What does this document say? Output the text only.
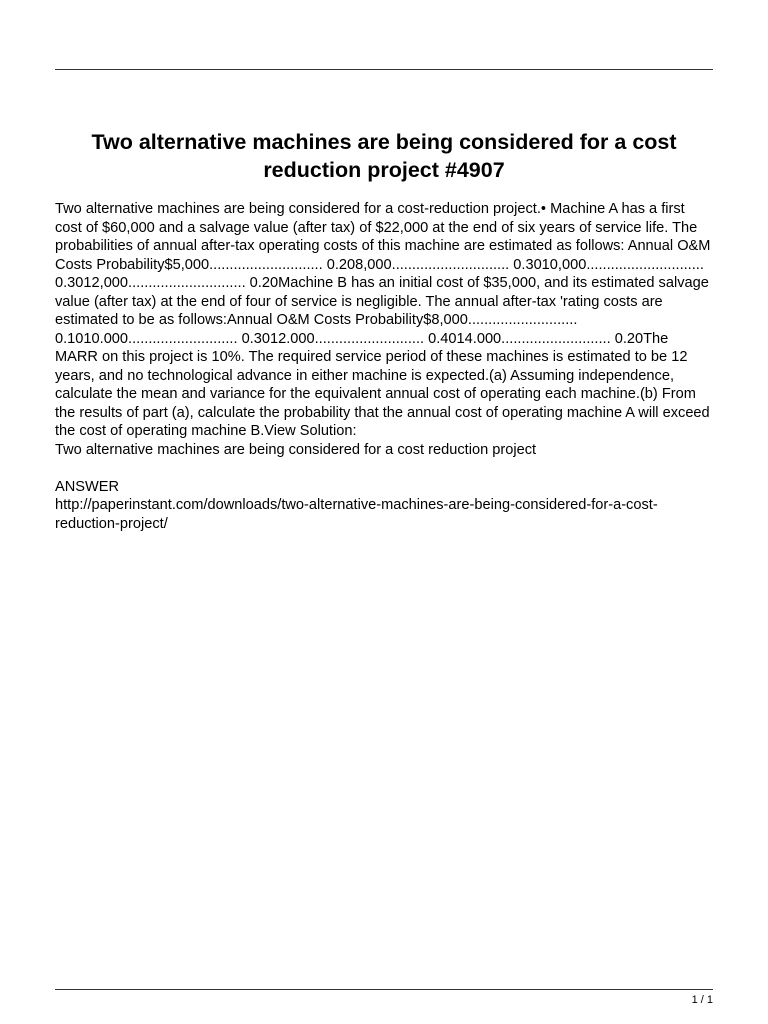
Two alternative machines are being considered for a cost reduction project #4907

Two alternative machines are being considered for a cost-reduction project.• Machine A has a first cost of $60,000 and a salvage value (after tax) of $22,000 at the end of six years of service life. The probabilities of annual after-tax operating costs of this machine are estimated as follows: Annual O&M Costs Probability$5,000............................ 0.208,000............................. 0.3010,000............................. 0.3012,000............................. 0.20Machine B has an initial cost of $35,000, and its estimated salvage value (after tax) at the end of four of service is negligible. The annual after-tax 'rating costs are estimated to be as follows:Annual O&M Costs Probability$8,000........................... 0.1010.000........................... 0.3012.000........................... 0.4014.000........................... 0.20The MARR on this project is 10%. The required service period of these machines is estimated to be 12 years, and no technological advance in either machine is expected.(a) Assuming independence, calculate the mean and variance for the equivalent annual cost of operating each machine.(b) From the results of part (a), calculate the probability that the annual cost of operating machine A will exceed the cost of operating machine B.View Solution:

Two alternative machines are being considered for a cost reduction project

ANSWER

http://paperinstant.com/downloads/two-alternative-machines-are-being-considered-for-a-cost-reduction-project/

1 / 1
